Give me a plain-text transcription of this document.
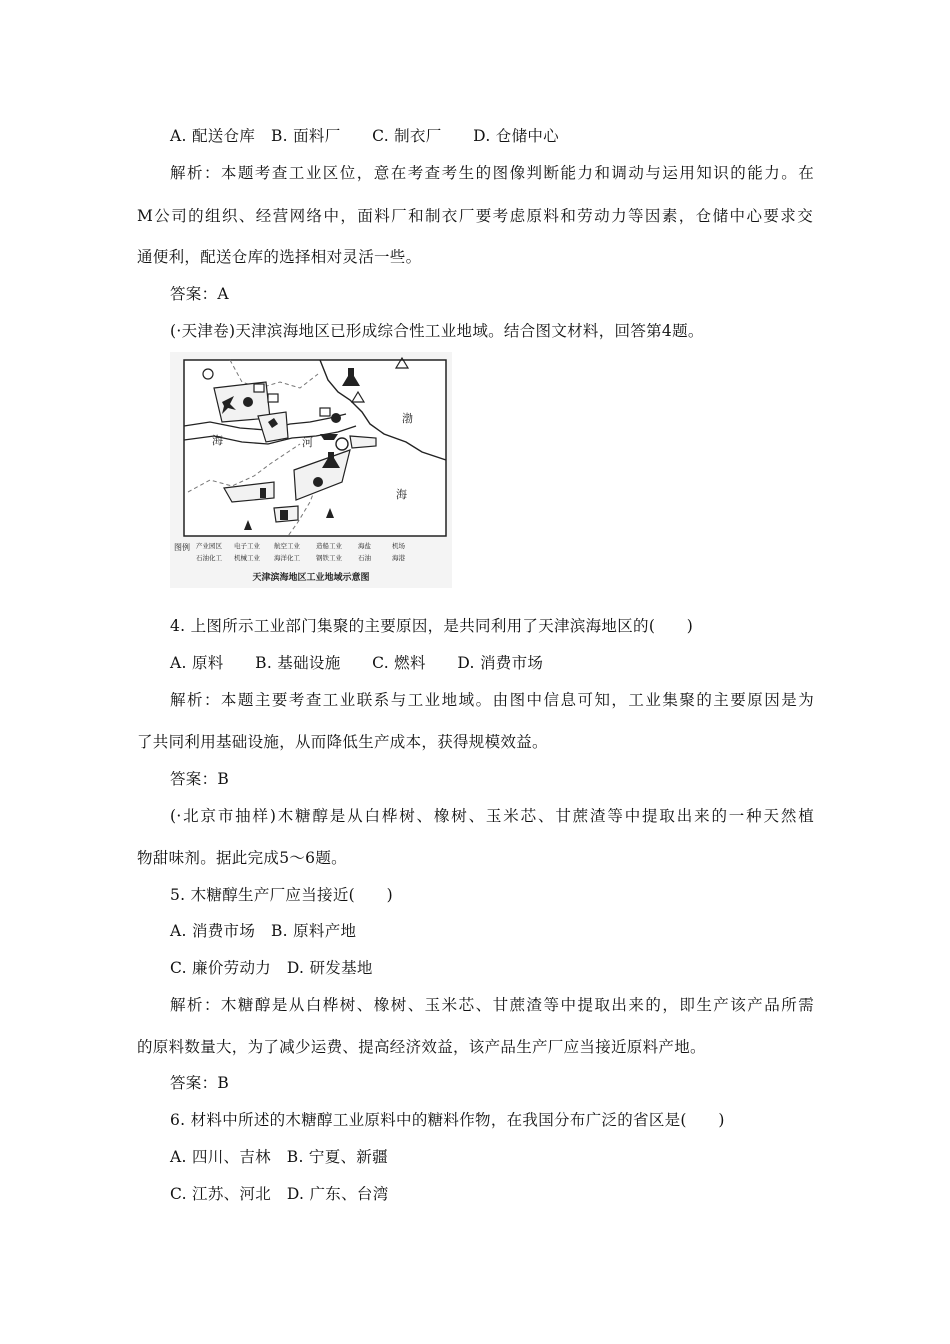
A. 配送仓库　B. 面料厂　　C. 制衣厂　　D. 仓储中心
解析：本题考查工业区位，意在考查考生的图像判断能力和调动与运用知识的能力。在
M公司的组织、经营网络中，面料厂和制衣厂要考虑原料和劳动力等因素，仓储中心要求交
通便利，配送仓库的选择相对灵活一些。
答案：A
(·天津卷)天津滨海地区已形成综合性工业地域。结合图文材料，回答第4题。
海	河
渤
海
图例 产业园区 电子工业 航空工业 造船工业 海盐	机场
石油化工 机械工业 海洋化工 钢铁工业 石油	海港
天津滨海地区工业地域示意图
4. 上图所示工业部门集聚的主要原因，是共同利用了天津滨海地区的(　　)
A. 原料　　B. 基础设施　　C. 燃料　　D. 消费市场
解析：本题主要考查工业联系与工业地域。由图中信息可知，工业集聚的主要原因是为
了共同利用基础设施，从而降低生产成本，获得规模效益。
答案：B
(·北京市抽样)木糖醇是从白桦树、橡树、玉米芯、甘蔗渣等中提取出来的一种天然植
物甜味剂。据此完成5～6题。
5. 木糖醇生产厂应当接近(　　)
A. 消费市场　B. 原料产地
C. 廉价劳动力　D. 研发基地
解析：木糖醇是从白桦树、橡树、玉米芯、甘蔗渣等中提取出来的，即生产该产品所需
的原料数量大，为了减少运费、提高经济效益，该产品生产厂应当接近原料产地。
答案：B
6. 材料中所述的木糖醇工业原料中的糖料作物，在我国分布广泛的省区是(　　)
A. 四川、吉林　B. 宁夏、新疆
C. 江苏、河北　D. 广东、台湾
